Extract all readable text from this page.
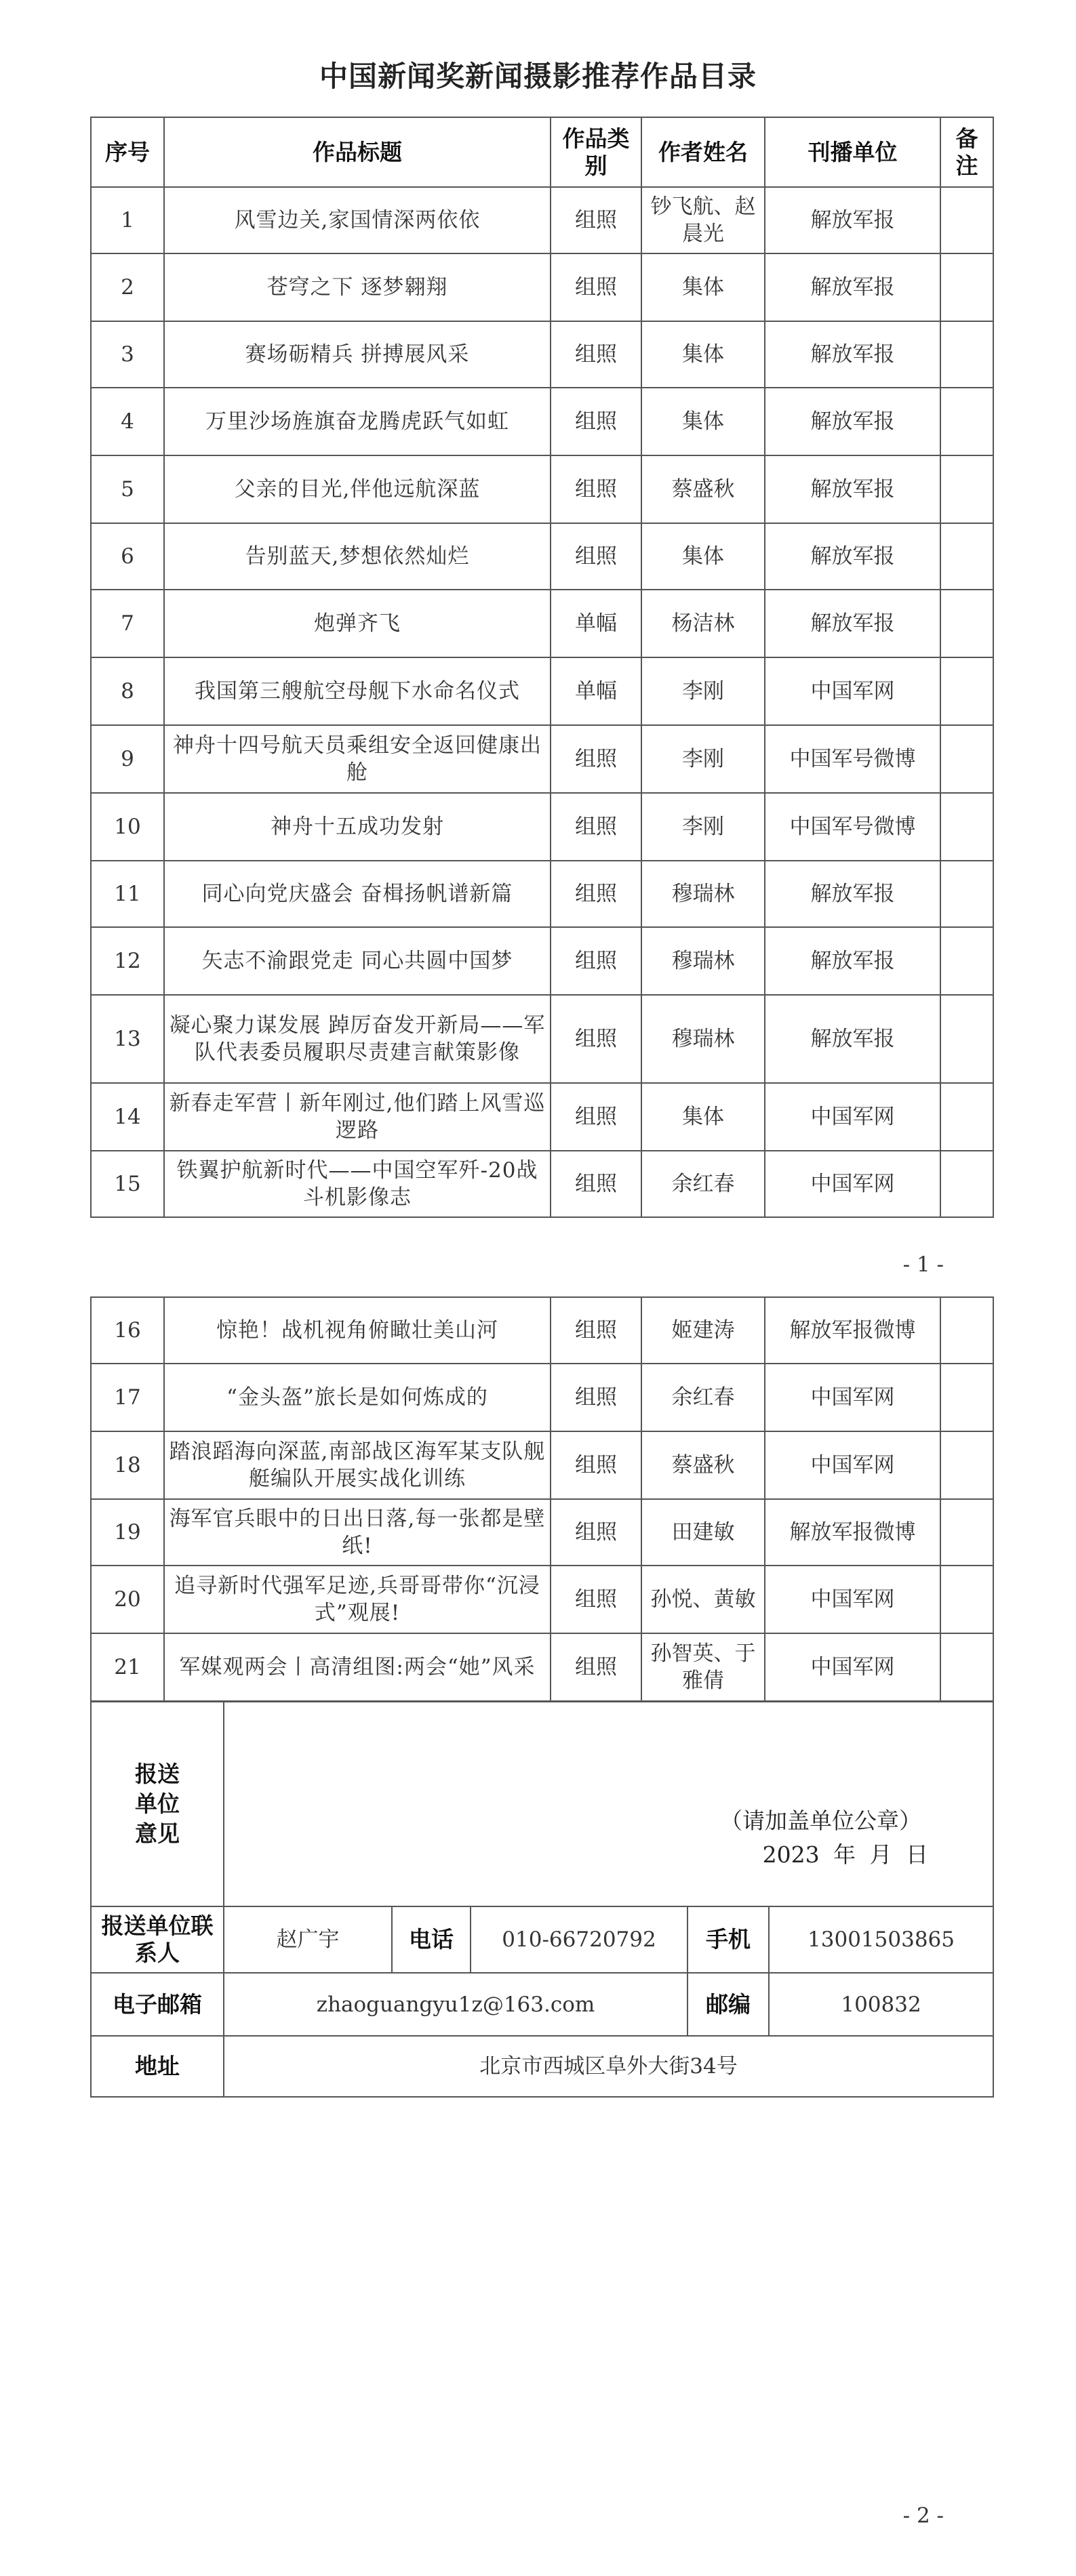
中国新闻奖新闻摄影推荐作品目录
序号	作品标题	作品类别	作者姓名	刊播单位	备注
1	风雪边关,家国情深两依依	组照	钞飞航、赵晨光	解放军报	
2	苍穹之下 逐梦翱翔	组照	集体	解放军报	
3	赛场砺精兵 拼搏展风采	组照	集体	解放军报	
4	万里沙场旌旗奋龙腾虎跃气如虹	组照	集体	解放军报	
5	父亲的目光,伴他远航深蓝	组照	蔡盛秋	解放军报	
6	告别蓝天,梦想依然灿烂	组照	集体	解放军报	
7	炮弹齐飞	单幅	杨洁林	解放军报	
8	我国第三艘航空母舰下水命名仪式	单幅	李刚	中国军网	
9	神舟十四号航天员乘组安全返回健康出舱	组照	李刚	中国军号微博	
10	神舟十五成功发射	组照	李刚	中国军号微博	
11	同心向党庆盛会 奋楫扬帆谱新篇	组照	穆瑞林	解放军报	
12	矢志不渝跟党走 同心共圆中国梦	组照	穆瑞林	解放军报	
13	凝心聚力谋发展 踔厉奋发开新局——军队代表委员履职尽责建言献策影像	组照	穆瑞林	解放军报	
14	新春走军营丨新年刚过,他们踏上风雪巡逻路	组照	集体	中国军网	
15	铁翼护航新时代——中国空军歼-20战斗机影像志	组照	余红春	中国军网	
- 1 -
16	惊艳！战机视角俯瞰壮美山河	组照	姬建涛	解放军报微博	
17	“金头盔”旅长是如何炼成的	组照	余红春	中国军网	
18	踏浪蹈海向深蓝,南部战区海军某支队舰艇编队开展实战化训练	组照	蔡盛秋	中国军网	
19	海军官兵眼中的日出日落,每一张都是壁纸!	组照	田建敏	解放军报微博	
20	追寻新时代强军足迹,兵哥哥带你“沉浸式”观展!	组照	孙悦、黄敏	中国军网	
21	军媒观两会丨高清组图:两会“她”风采	组照	孙智英、于雅倩	中国军网	
报送单位意见	（请加盖单位公章）
2023 年 月 日				

报送单位联系人	赵广宇	电话	010-66720792	手机	13001503865
电子邮箱	zhaoguangyu1z@163.com			邮编	100832
地址	北京市西城区阜外大街34号				
- 2 -
